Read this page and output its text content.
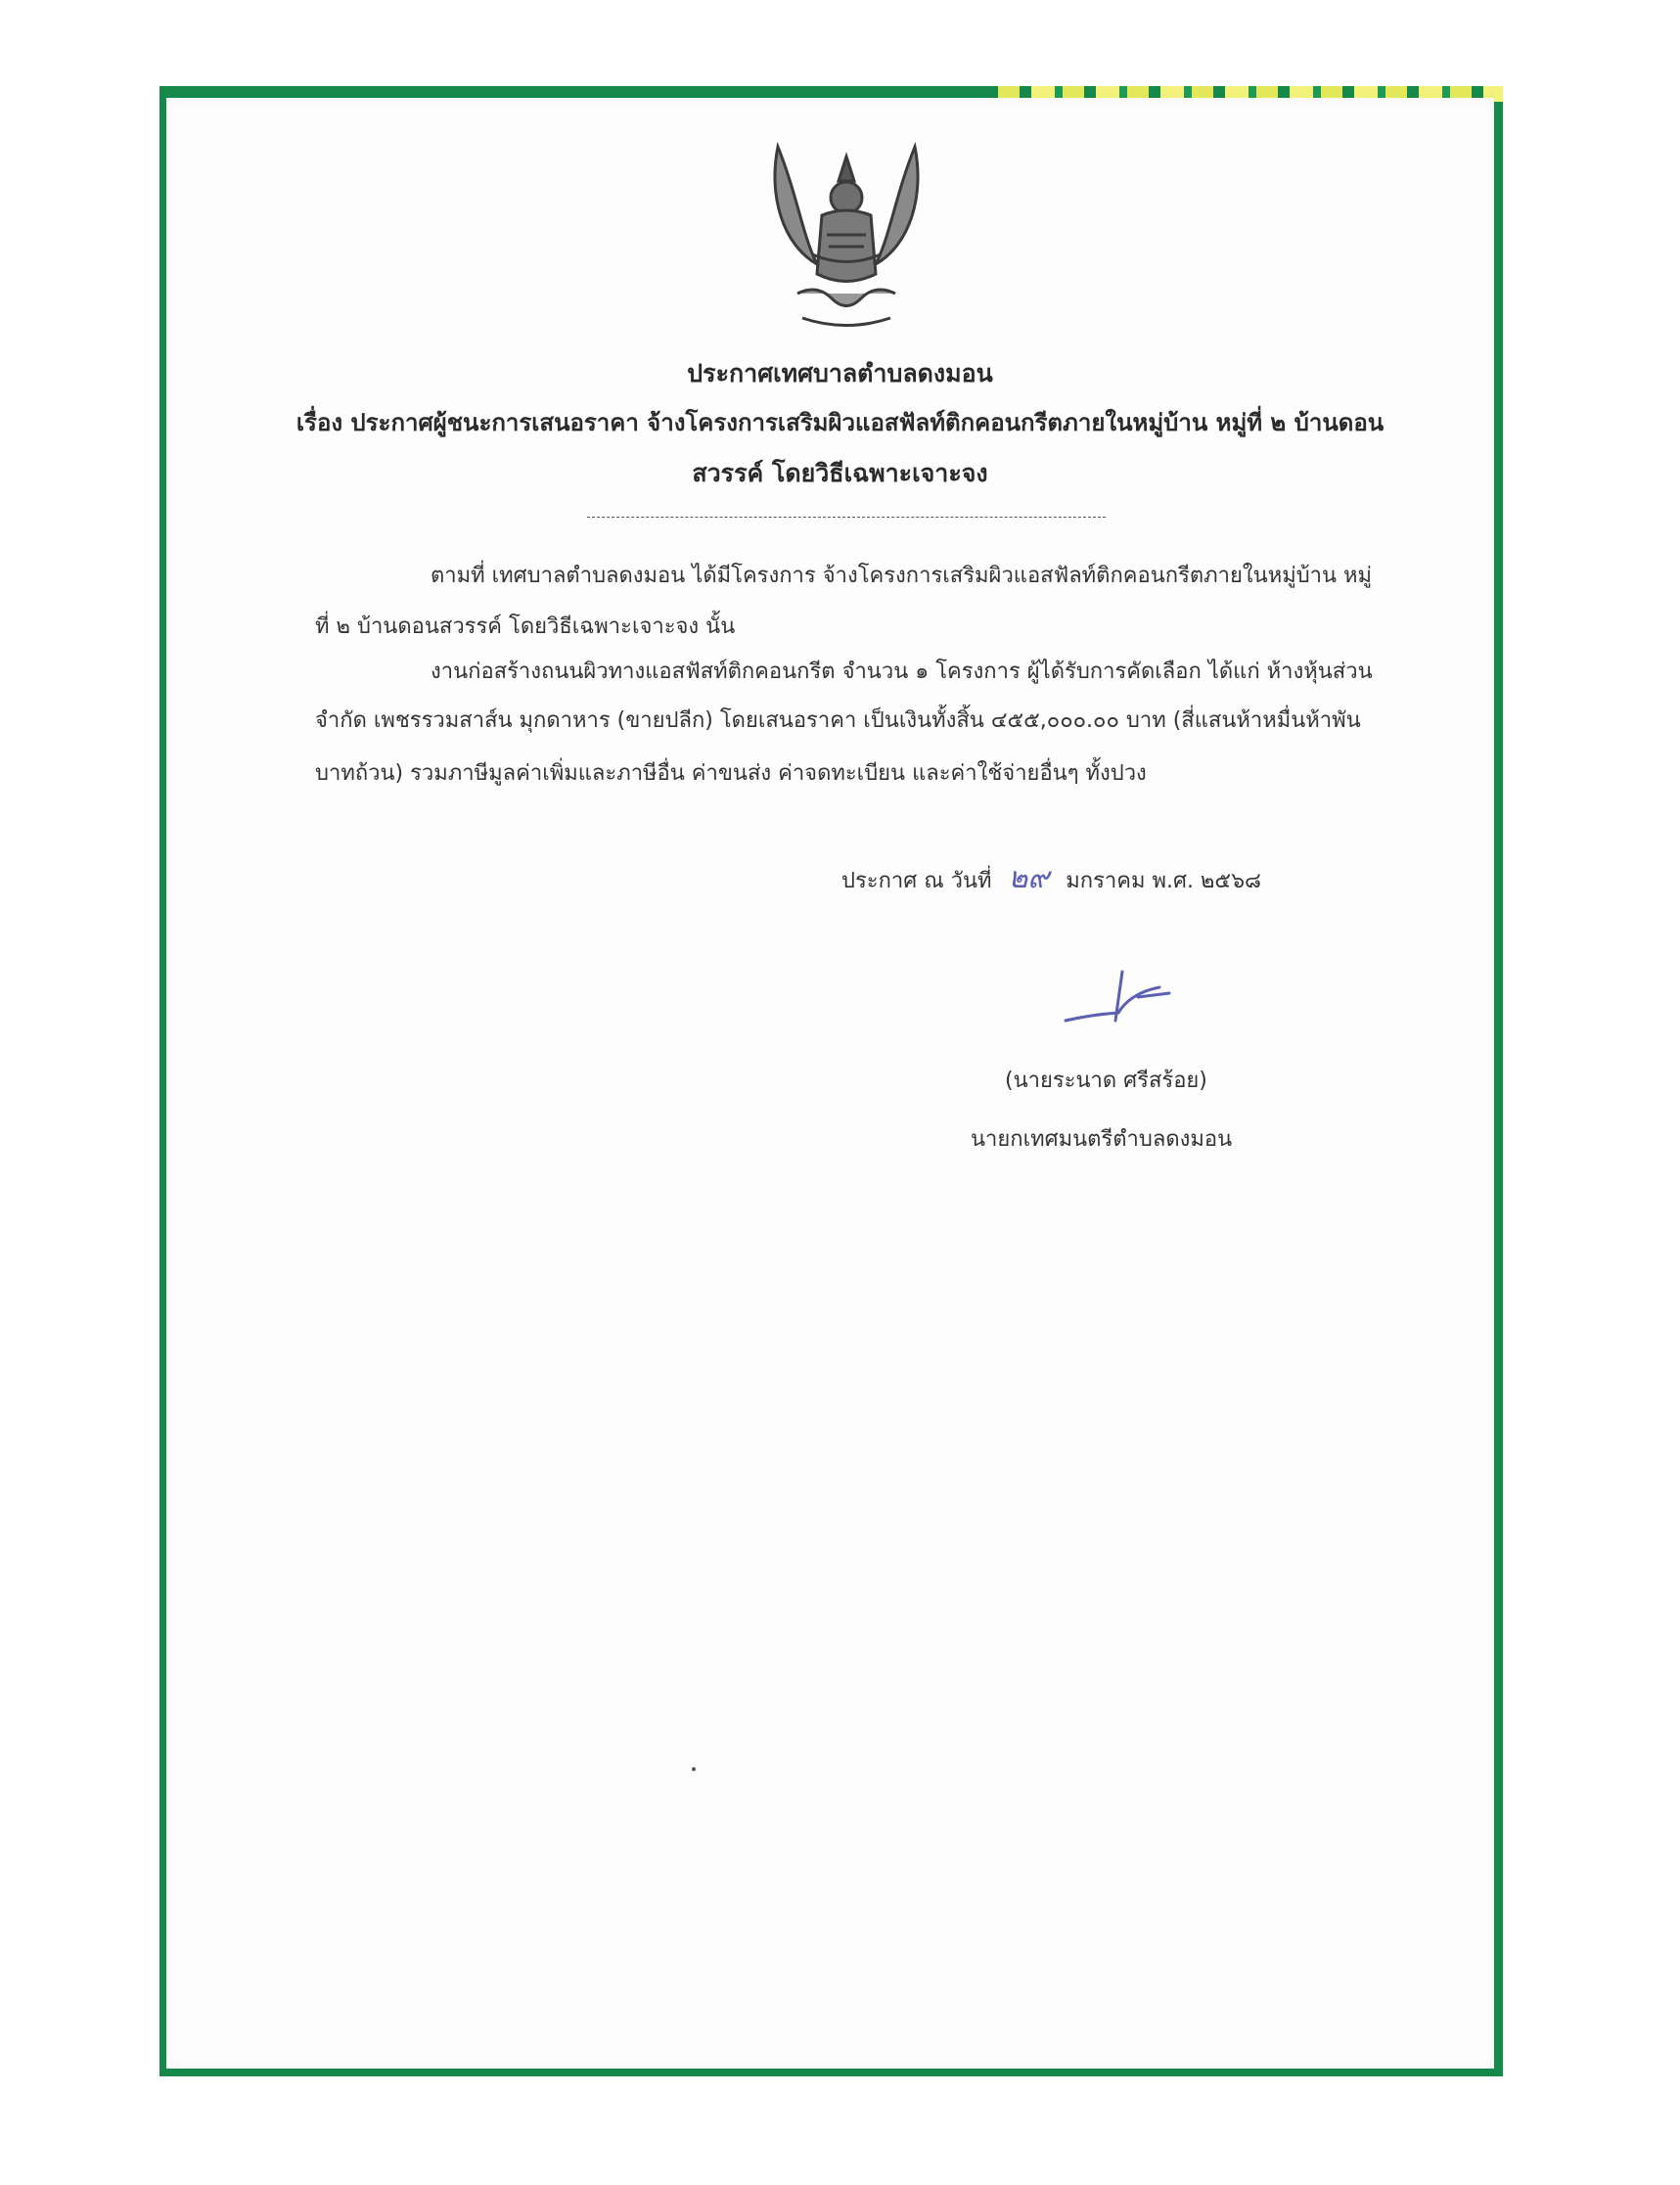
ประกาศเทศบาลตำบลดงมอน
เรื่อง ประกาศผู้ชนะการเสนอราคา จ้างโครงการเสริมผิวแอสฟัลท์ติกคอนกรีตภายในหมู่บ้าน หมู่ที่ ๒ บ้านดอน
สวรรค์ โดยวิธีเฉพาะเจาะจง
ตามที่ เทศบาลตำบลดงมอน ได้มีโครงการ จ้างโครงการเสริมผิวแอสฟัลท์ติกคอนกรีตภายในหมู่บ้าน หมู่
ที่ ๒ บ้านดอนสวรรค์ โดยวิธีเฉพาะเจาะจง นั้น
งานก่อสร้างถนนผิวทางแอสฟัสท์ติกคอนกรีต จำนวน ๑ โครงการ ผู้ได้รับการคัดเลือก ได้แก่ ห้างหุ้นส่วน
จำกัด เพชรรวมสาส์น มุกดาหาร (ขายปลีก) โดยเสนอราคา เป็นเงินทั้งสิ้น ๔๕๕,๐๐๐.๐๐ บาท (สี่แสนห้าหมื่นห้าพัน
บาทถ้วน) รวมภาษีมูลค่าเพิ่มและภาษีอื่น ค่าขนส่ง ค่าจดทะเบียน และค่าใช้จ่ายอื่นๆ ทั้งปวง
ประกาศ ณ วันที่ ๒๙ มกราคม พ.ศ. ๒๕๖๘
(นายระนาด ศรีสร้อย)
นายกเทศมนตรีตำบลดงมอน
